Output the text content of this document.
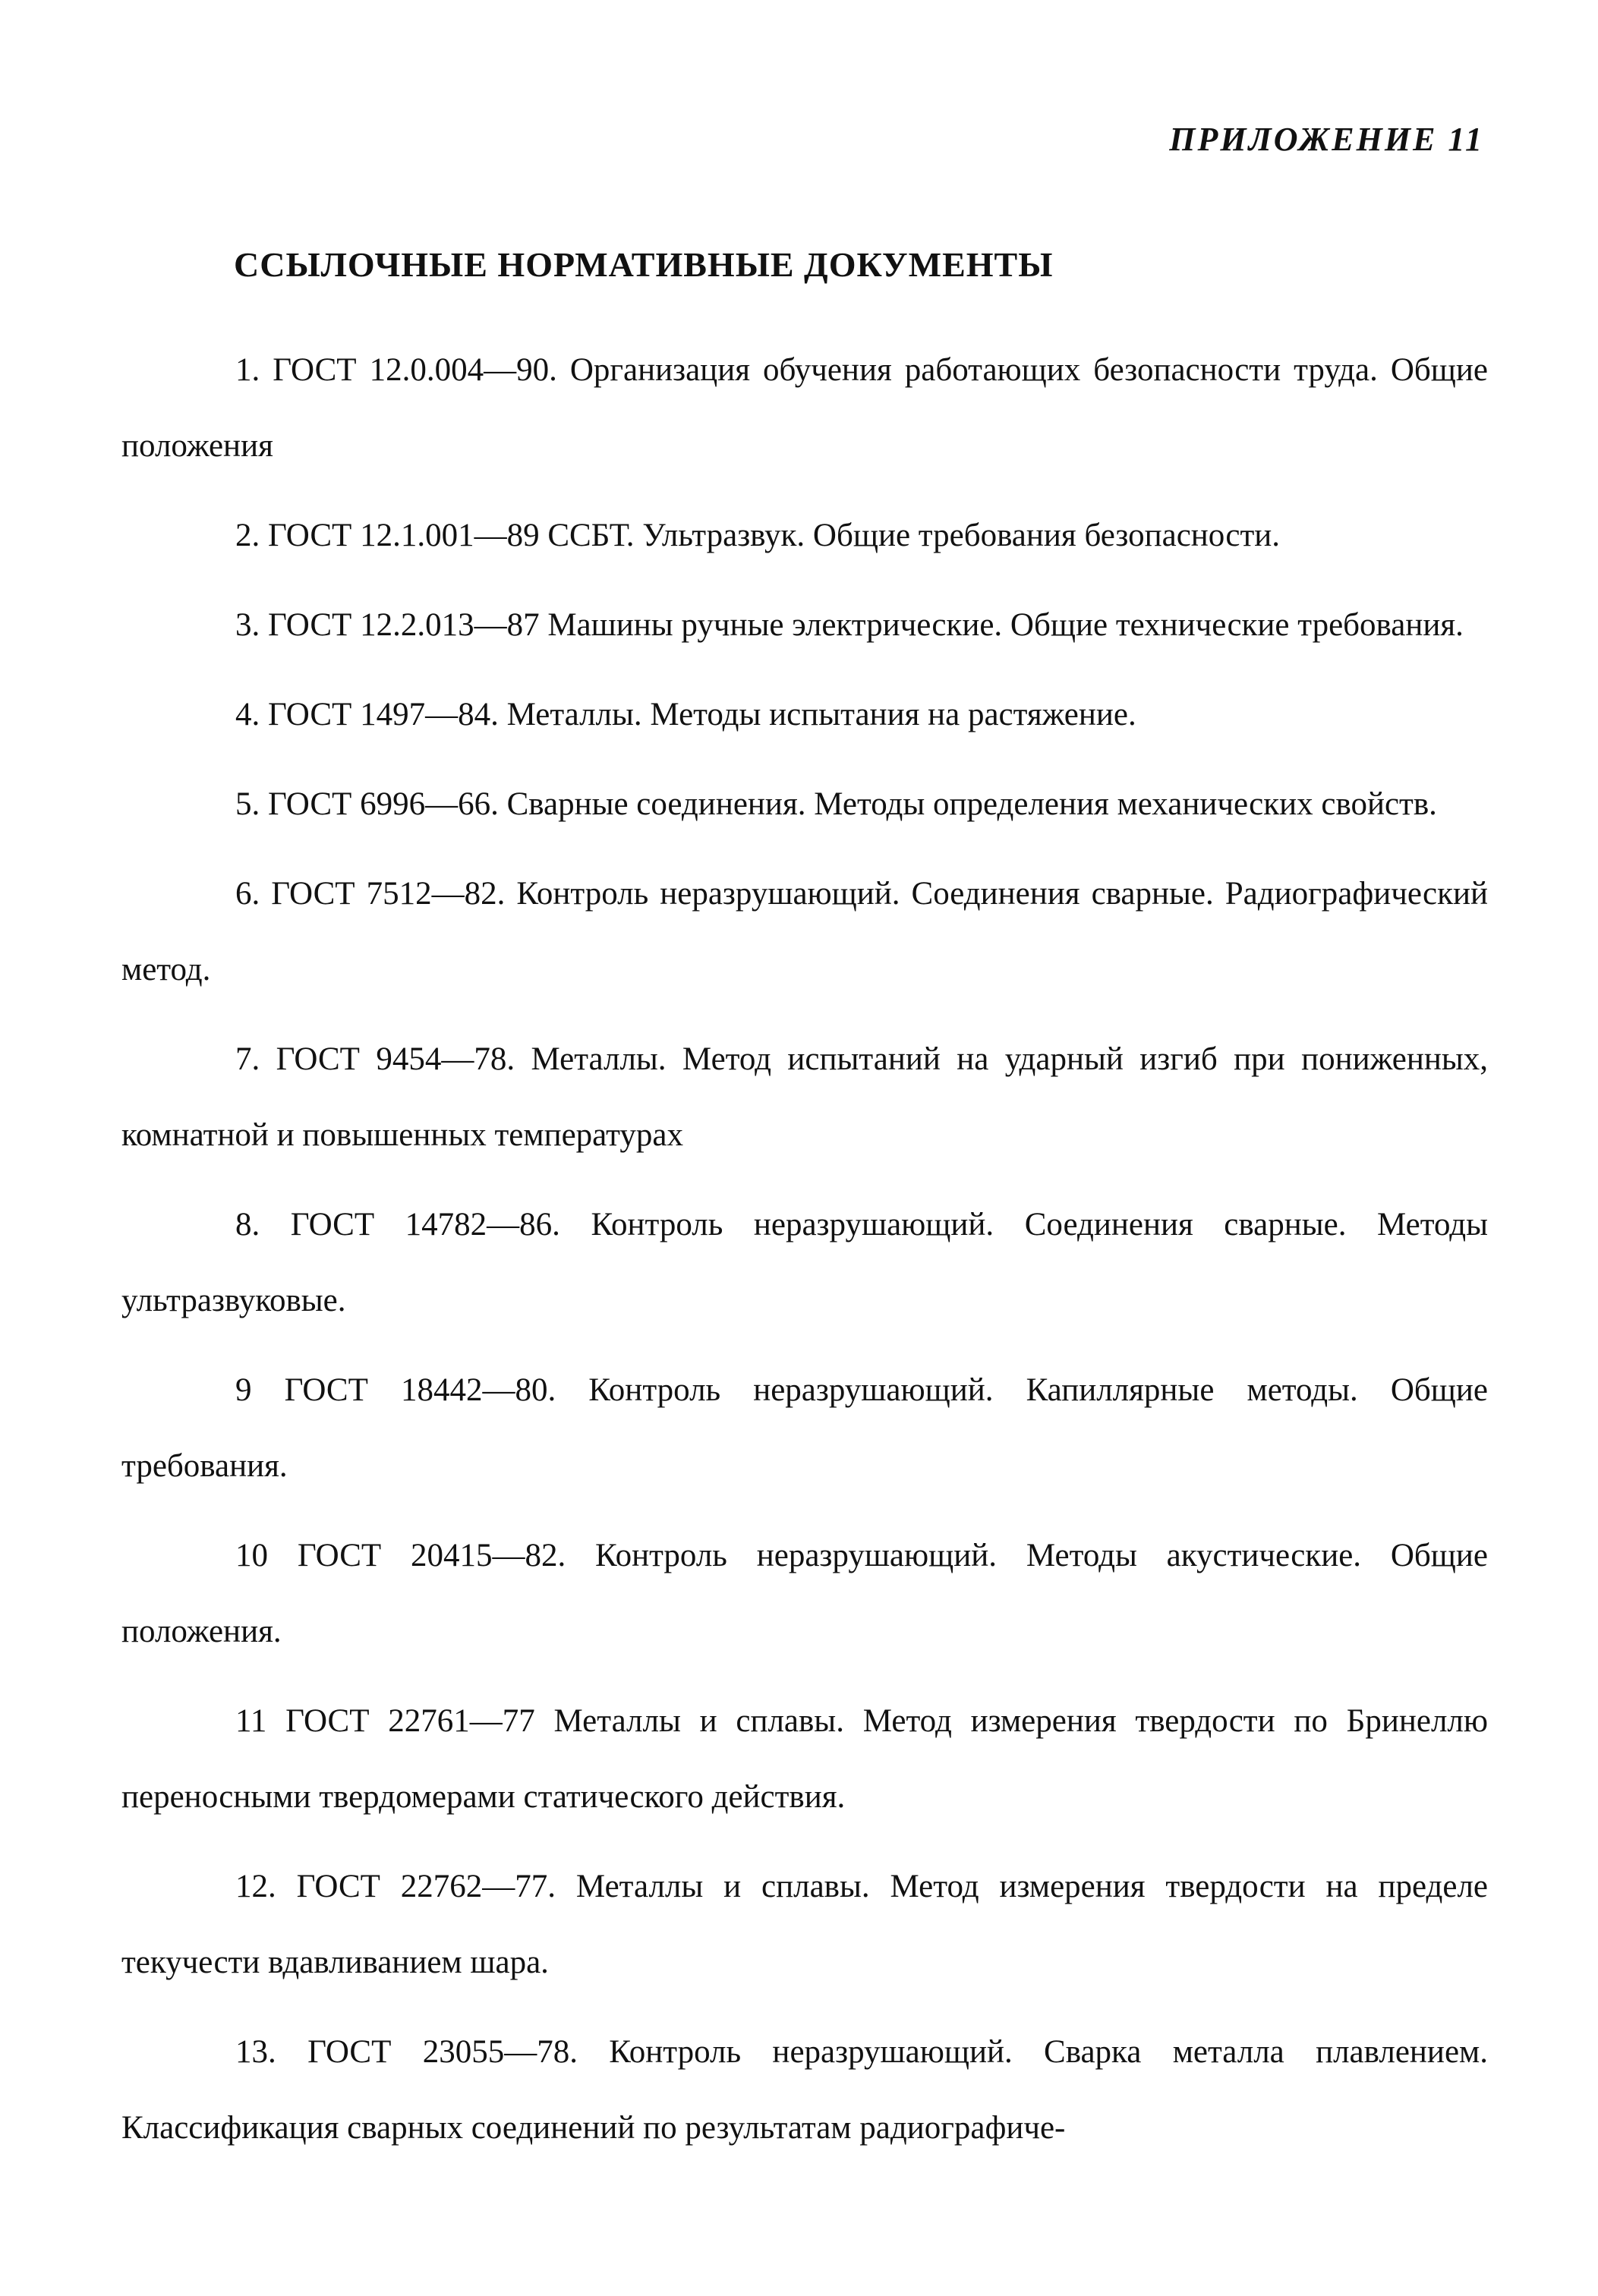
ПРИЛОЖЕНИЕ 11
ССЫЛОЧНЫЕ НОРМАТИВНЫЕ ДОКУМЕНТЫ

1. ГОСТ 12.0.004—90. Организация обучения работающих безопасности труда. Общие положения

2. ГОСТ 12.1.001—89 ССБТ. Ультразвук. Общие требования безопасности.

3. ГОСТ 12.2.013—87 Машины ручные электрические. Общие технические требования.

4. ГОСТ 1497—84. Металлы. Методы испытания на растяжение.

5. ГОСТ 6996—66. Сварные соединения. Методы определения механических свойств.

6. ГОСТ 7512—82. Контроль неразрушающий. Соединения сварные. Радиографический метод.

7. ГОСТ 9454—78. Металлы. Метод испытаний на ударный изгиб при пониженных, комнатной и повышенных температурах

8. ГОСТ 14782—86. Контроль неразрушающий. Соединения сварные. Методы ультразвуковые.

9 ГОСТ 18442—80. Контроль неразрушающий. Капиллярные методы. Общие требования.

10 ГОСТ 20415—82. Контроль неразрушающий. Методы акустические. Общие положения.

11 ГОСТ 22761—77 Металлы и сплавы. Метод измерения твердости по Бринеллю переносными твердомерами статического действия.

12. ГОСТ 22762—77. Металлы и сплавы. Метод измерения твердости на пределе текучести вдавливанием шара.

13. ГОСТ 23055—78. Контроль неразрушающий. Сварка металла плавлением. Классификация сварных соединений по результатам радиографиче-
